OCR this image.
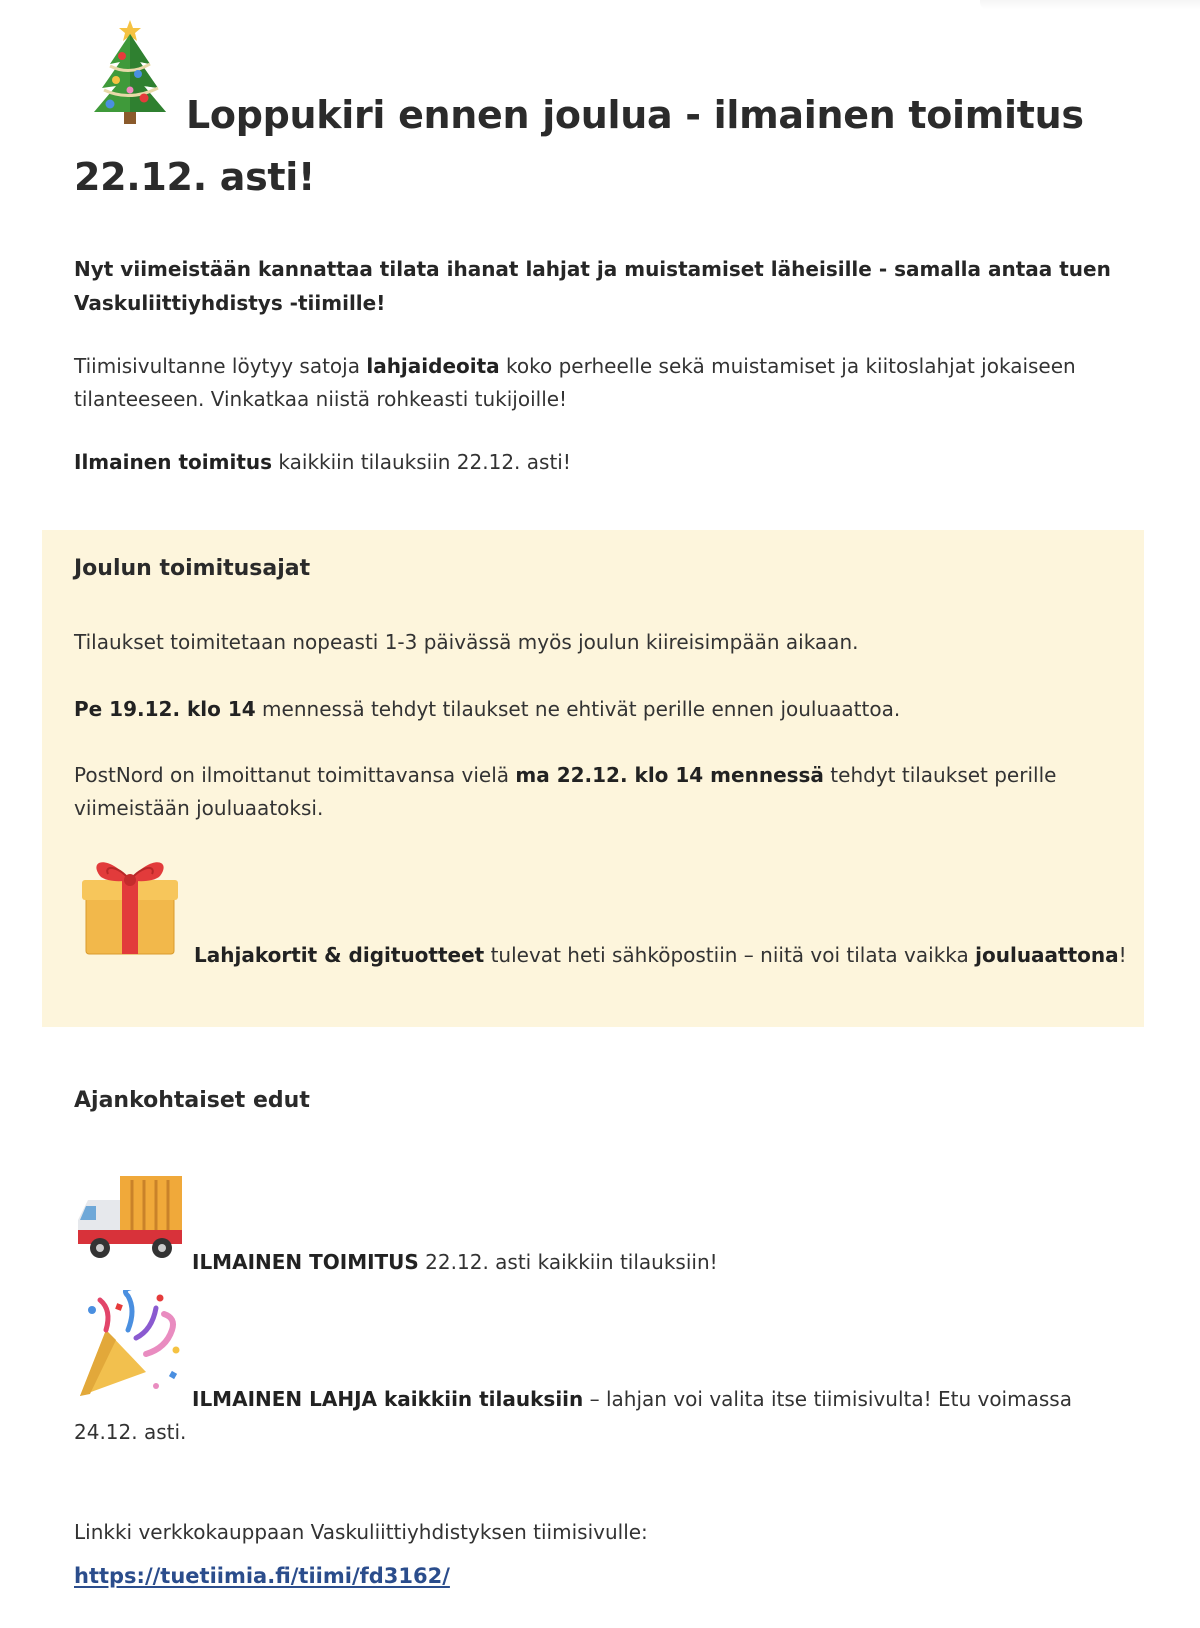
Loppukiri ennen joulua - ilmainen toimitus
22.12. asti!

Nyt viimeistään kannattaa tilata ihanat lahjat ja muistamiset läheisille - samalla antaa tuen Vaskuliittiyhdistys -tiimille!

Tiimisivultanne löytyy satoja lahjaideoita koko perheelle sekä muistamiset ja kiitoslahjat jokaiseen tilanteeseen. Vinkatkaa niistä rohkeasti tukijoille!

Ilmainen toimitus kaikkiin tilauksiin 22.12. asti!

Joulun toimitusajat

Tilaukset toimitetaan nopeasti 1-3 päivässä myös joulun kiireisimpään aikaan.

Pe 19.12. klo 14 mennessä tehdyt tilaukset ne ehtivät perille ennen jouluaattoa.

PostNord on ilmoittanut toimittavansa vielä ma 22.12. klo 14 mennessä tehdyt tilaukset perille viimeistään jouluaatoksi.

Lahjakortit & digituotteet tulevat heti sähköpostiin – niitä voi tilata vaikka jouluaattona!

Ajankohtaiset edut

ILMAINEN TOIMITUS 22.12. asti kaikkiin tilauksiin!

ILMAINEN LAHJA kaikkiin tilauksiin – lahjan voi valita itse tiimisivulta! Etu voimassa 24.12. asti.

Linkki verkkokauppaan Vaskuliittiyhdistyksen tiimisivulle:

https://tuetiimia.fi/tiimi/fd3162/
